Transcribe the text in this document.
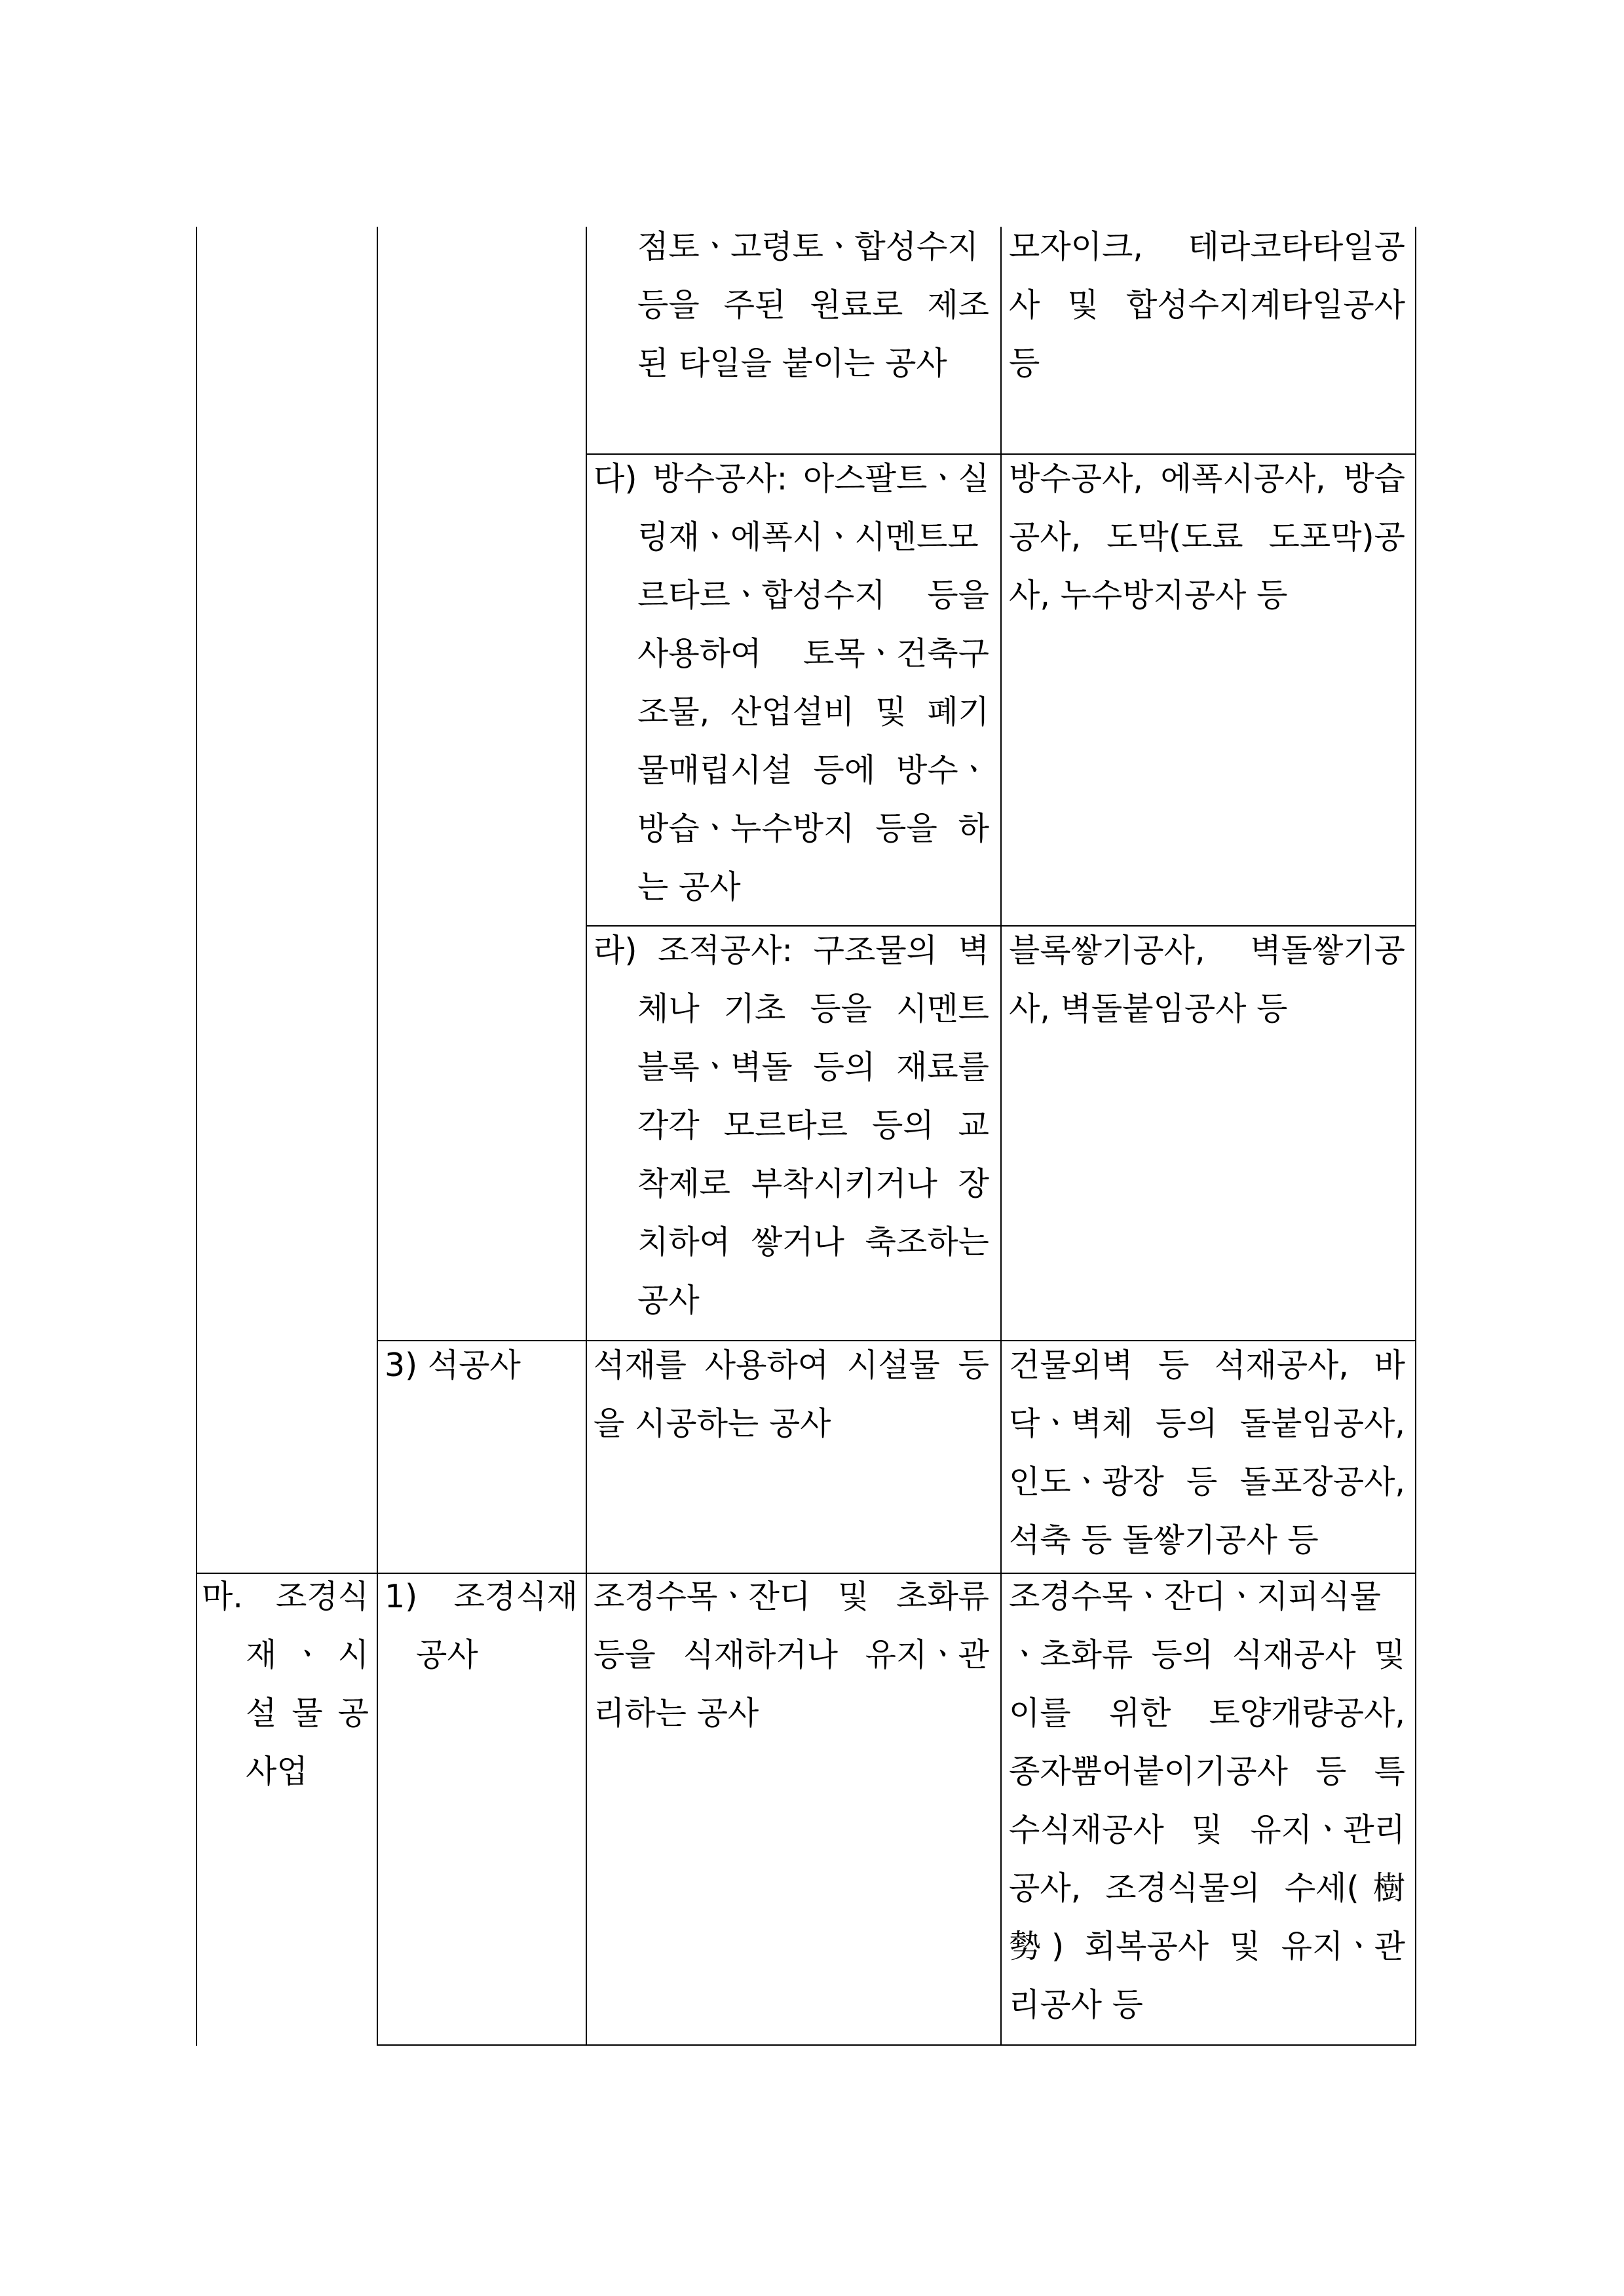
점토ㆍ고령토ㆍ합성수지
등을 주된 원료로 제조
된 타일을 붙이는 공사
모자이크, 테라코타타일공
사 및 합성수지계타일공사
등
다) 방수공사: 아스팔트ㆍ실
링재ㆍ에폭시ㆍ시멘트모
르타르ㆍ합성수지 등을
사용하여 토목ㆍ건축구
조물, 산업설비 및 폐기
물매립시설 등에 방수ㆍ
방습ㆍ누수방지 등을 하
는 공사
방수공사, 에폭시공사, 방습
공사, 도막(도료 도포막)공
사, 누수방지공사 등
라) 조적공사: 구조물의 벽
체나 기초 등을 시멘트
블록ㆍ벽돌 등의 재료를
각각 모르타르 등의 교
착제로 부착시키거나 장
치하여 쌓거나 축조하는
공사
블록쌓기공사, 벽돌쌓기공
사, 벽돌붙임공사 등
3) 석공사	석재를 사용하여 시설물 등
을 시공하는 공사
건물외벽 등 석재공사, 바
닥ㆍ벽체 등의 돌붙임공사,
인도ㆍ광장 등 돌포장공사,
석축 등 돌쌓기공사 등
마. 조경식
재 ㆍ 시
설 물 공
사업
1) 조경식재
공사
조경수목ㆍ잔디 및 초화류
등을 식재하거나 유지ㆍ관
리하는 공사
조경수목ㆍ잔디ㆍ지피식물
ㆍ초화류 등의 식재공사 및
이를 위한 토양개량공사,
종자뿜어붙이기공사 등 특
수식재공사 및 유지ㆍ관리
공사, 조경식물의 수세(樹
勢) 회복공사 및 유지ㆍ관
리공사 등
